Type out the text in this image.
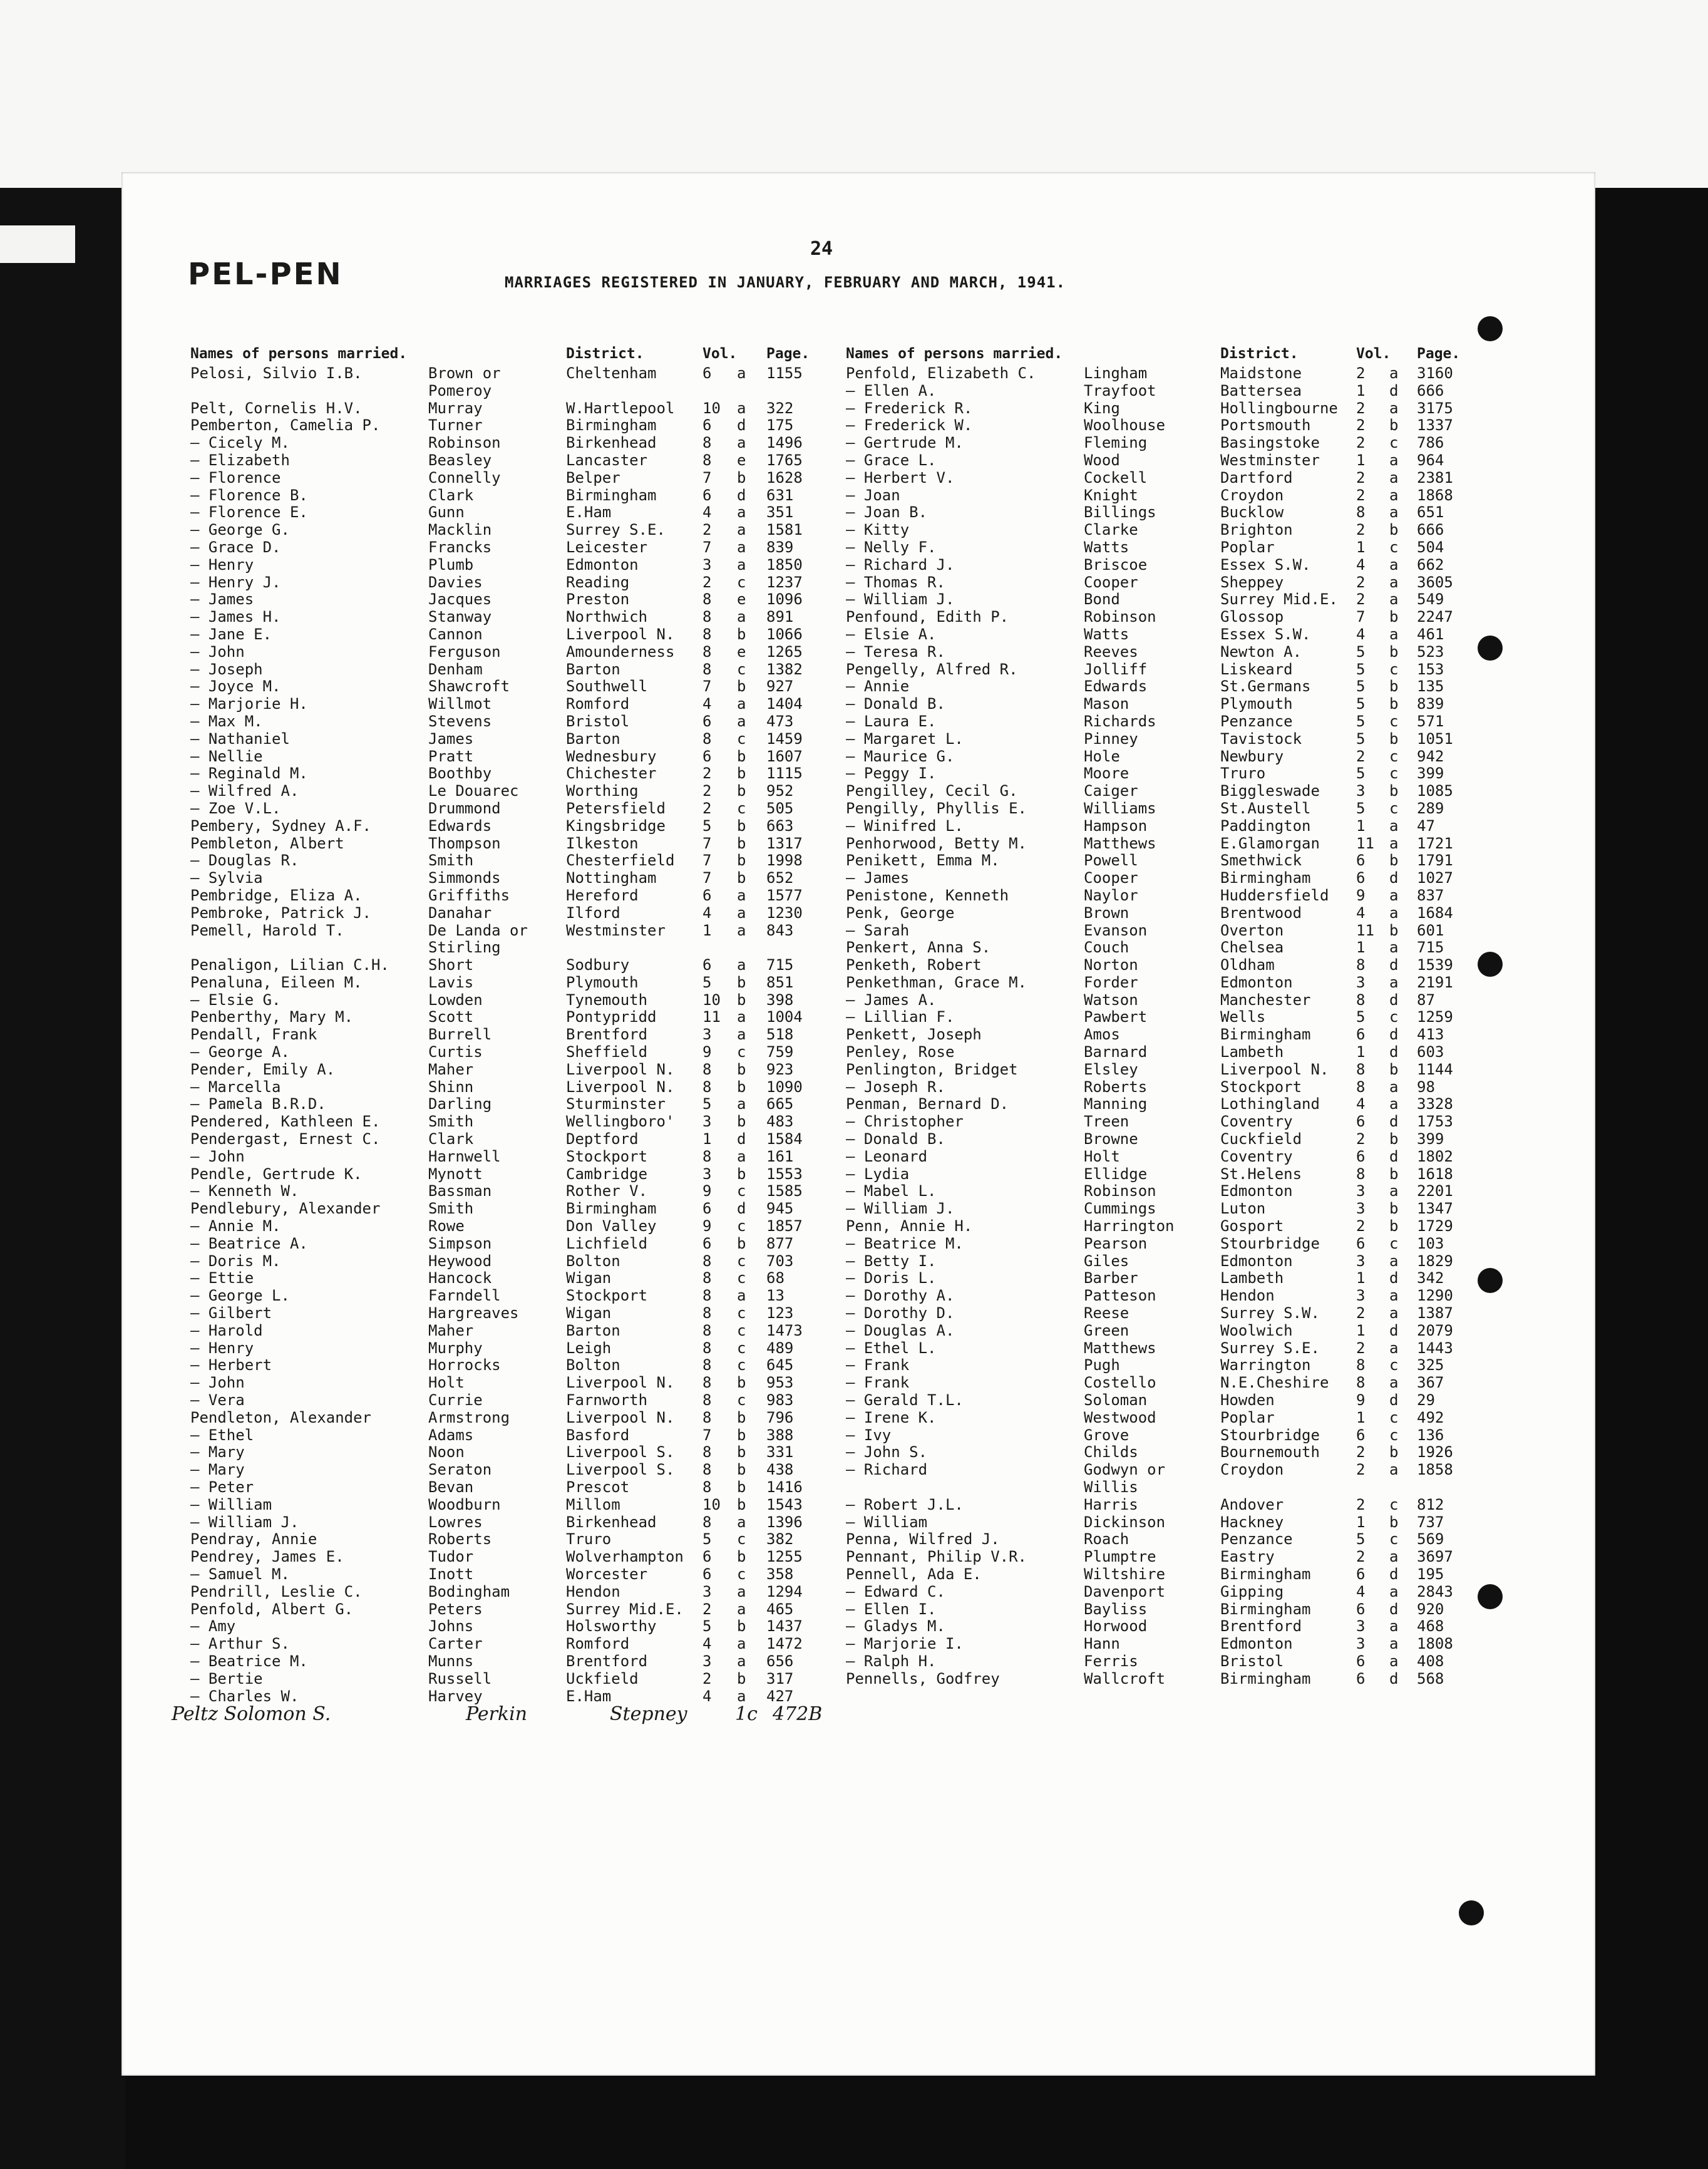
24
PEL-PEN	MARRIAGES REGISTERED IN JANUARY, FEBRUARY AND MARCH, 1941.
Names of persons married.	District.	Vol. Page.
Pelosi, Silvio I.B.	Brown or	Cheltenham	6 a 1155
Pomeroy
Pelt, Cornelis H.V.	Murray	W.Hartlepool 10 a 322
Pemberton, Camelia P.	Turner	Birmingham	6 d 175
— Cicely M.	Robinson	Birkenhead	8 a 1496
— Elizabeth	Beasley	Lancaster	8 e 1765
— Florence	Connelly	Belper	7 b 1628
— Florence B.	Clark	Birmingham	6 d 631
— Florence E.	Gunn	E.Ham	4 a 351
— George G.	Macklin	Surrey S.E. 2 a 1581
— Grace D.	Francks	Leicester	7 a 839
— Henry	Plumb	Edmonton	3 a 1850
— Henry J.	Davies	Reading	2 c 1237
— James	Jacques	Preston	8 e 1096
— James H.	Stanway	Northwich	8 a 891
— Jane E.	Cannon	Liverpool N. 8 b 1066
— John	Ferguson	Amounderness 8 e 1265
— Joseph	Denham	Barton	8 c 1382
— Joyce M.	Shawcroft	Southwell	7 b 927
— Marjorie H.	Willmot	Romford	4 a 1404
— Max M.	Stevens	Bristol	6 a 473
— Nathaniel	James	Barton	8 c 1459
— Nellie	Pratt	Wednesbury	6 b 1607
— Reginald M.	Boothby	Chichester	2 b 1115
— Wilfred A.	Le Douarec	Worthing	2 b 952
— Zoe V.L.	Drummond	Petersfield 2 c 505
Pembery, Sydney A.F.	Edwards	Kingsbridge 5 b 663
Pembleton, Albert	Thompson	Ilkeston	7 b 1317
— Douglas R.	Smith	Chesterfield 7 b 1998
— Sylvia	Simmonds	Nottingham	7 b 652
Pembridge, Eliza A.	Griffiths	Hereford	6 a 1577
Pembroke, Patrick J.	Danahar	Ilford	4 a 1230
Pemell, Harold T.	De Landa or	Westminster 1 a 843
Stirling
Penaligon, Lilian C.H.	Short	Sodbury	6 a 715
Penaluna, Eileen M.	Lavis	Plymouth	5 b 851
— Elsie G.	Lowden	Tynemouth	10 b 398
Penberthy, Mary M.	Scott	Pontypridd	11 a 1004
Pendall, Frank	Burrell	Brentford	3 a 518
— George A.	Curtis	Sheffield	9 c 759
Pender, Emily A.	Maher	Liverpool N. 8 b 923
— Marcella	Shinn	Liverpool N. 8 b 1090
— Pamela B.R.D.	Darling	Sturminster 5 a 665
Pendered, Kathleen E.	Smith	Wellingboro' 3 b 483
Pendergast, Ernest C.	Clark	Deptford	1 d 1584
— John	Harnwell	Stockport	8 a 161
Pendle, Gertrude K.	Mynott	Cambridge	3 b 1553
— Kenneth W.	Bassman	Rother V.	9 c 1585
Pendlebury, Alexander	Smith	Birmingham	6 d 945
— Annie M.	Rowe	Don Valley	9 c 1857
— Beatrice A.	Simpson	Lichfield	6 b 877
— Doris M.	Heywood	Bolton	8 c 703
— Ettie	Hancock	Wigan	8 c 68
— George L.	Farndell	Stockport	8 a 13
— Gilbert	Hargreaves	Wigan	8 c 123
— Harold	Maher	Barton	8 c 1473
— Henry	Murphy	Leigh	8 c 489
— Herbert	Horrocks	Bolton	8 c 645
— John	Holt	Liverpool N. 8 b 953
— Vera	Currie	Farnworth	8 c 983
Pendleton, Alexander	Armstrong	Liverpool N. 8 b 796
— Ethel	Adams	Basford	7 b 388
— Mary	Noon	Liverpool S. 8 b 331
— Mary	Seraton	Liverpool S. 8 b 438
— Peter	Bevan	Prescot	8 b 1416
— William	Woodburn	Millom	10 b 1543
— William J.	Lowres	Birkenhead	8 a 1396
Pendray, Annie	Roberts	Truro	5 c 382
Pendrey, James E.	Tudor	Wolverhampton 6 b 1255
— Samuel M.	Inott	Worcester	6 c 358
Pendrill, Leslie C.	Bodingham	Hendon	3 a 1294
Penfold, Albert G.	Peters	Surrey Mid.E. 2 a 465
— Amy	Johns	Holsworthy	5 b 1437
— Arthur S.	Carter	Romford	4 a 1472
— Beatrice M.	Munns	Brentford	3 a 656
— Bertie	Russell	Uckfield	2 b 317
— Charles W.	Harvey	E.Ham	4 a 427
Names of persons married.	District.	Vol. Page.
Penfold, Elizabeth C.	Lingham	Maidstone	2 a 3160
— Ellen A.	Trayfoot	Battersea	1 d 666
— Frederick R.	King	Hollingbourne 2 a 3175
— Frederick W.	Woolhouse	Portsmouth	2 b 1337
— Gertrude M.	Fleming	Basingstoke 2 c 786
— Grace L.	Wood	Westminster 1 a 964
— Herbert V.	Cockell	Dartford	2 a 2381
— Joan	Knight	Croydon	2 a 1868
— Joan B.	Billings	Bucklow	8 a 651
— Kitty	Clarke	Brighton	2 b 666
— Nelly F.	Watts	Poplar	1 c 504
— Richard J.	Briscoe	Essex S.W.	4 a 662
— Thomas R.	Cooper	Sheppey	2 a 3605
— William J.	Bond	Surrey Mid.E. 2 a 549
Penfound, Edith P.	Robinson	Glossop	7 b 2247
— Elsie A.	Watts	Essex S.W.	4 a 461
— Teresa R.	Reeves	Newton A.	5 b 523
Pengelly, Alfred R.	Jolliff	Liskeard	5 c 153
— Annie	Edwards	St.Germans	5 b 135
— Donald B.	Mason	Plymouth	5 b 839
— Laura E.	Richards	Penzance	5 c 571
— Margaret L.	Pinney	Tavistock	5 b 1051
— Maurice G.	Hole	Newbury	2 c 942
— Peggy I.	Moore	Truro	5 c 399
Pengilley, Cecil G.	Caiger	Biggleswade 3 b 1085
Pengilly, Phyllis E.	Williams	St.Austell	5 c 289
— Winifred L.	Hampson	Paddington	1 a 47
Penhorwood, Betty M.	Matthews	E.Glamorgan 11 a 1721
Penikett, Emma M.	Powell	Smethwick	6 b 1791
— James	Cooper	Birmingham	6 d 1027
Penistone, Kenneth	Naylor	Huddersfield 9 a 837
Penk, George	Brown	Brentwood	4 a 1684
— Sarah	Evanson	Overton	11 b 601
Penkert, Anna S.	Couch	Chelsea	1 a 715
Penketh, Robert	Norton	Oldham	8 d 1539
Penkethman, Grace M.	Forder	Edmonton	3 a 2191
— James A.	Watson	Manchester	8 d 87
— Lillian F.	Pawbert	Wells	5 c 1259
Penkett, Joseph	Amos	Birmingham	6 d 413
Penley, Rose	Barnard	Lambeth	1 d 603
Penlington, Bridget	Elsley	Liverpool N. 8 b 1144
— Joseph R.	Roberts	Stockport	8 a 98
Penman, Bernard D.	Manning	Lothingland 4 a 3328
— Christopher	Treen	Coventry	6 d 1753
— Donald B.	Browne	Cuckfield	2 b 399
— Leonard	Holt	Coventry	6 d 1802
— Lydia	Ellidge	St.Helens	8 b 1618
— Mabel L.	Robinson	Edmonton	3 a 2201
— William J.	Cummings	Luton	3 b 1347
Penn, Annie H.	Harrington	Gosport	2 b 1729
— Beatrice M.	Pearson	Stourbridge 6 c 103
— Betty I.	Giles	Edmonton	3 a 1829
— Doris L.	Barber	Lambeth	1 d 342
— Dorothy A.	Patteson	Hendon	3 a 1290
— Dorothy D.	Reese	Surrey S.W. 2 a 1387
— Douglas A.	Green	Woolwich	1 d 2079
— Ethel L.	Matthews	Surrey S.E. 2 a 1443
— Frank	Pugh	Warrington	8 c 325
— Frank	Costello	N.E.Cheshire 8 a 367
— Gerald T.L.	Soloman	Howden	9 d 29
— Irene K.	Westwood	Poplar	1 c 492
— Ivy	Grove	Stourbridge 6 c 136
— John S.	Childs	Bournemouth 2 b 1926
— Richard	Godwyn or	Croydon	2 a 1858
Willis
— Robert J.L.	Harris	Andover	2 c 812
— William	Dickinson	Hackney	1 b 737
Penna, Wilfred J.	Roach	Penzance	5 c 569
Pennant, Philip V.R.	Plumptre	Eastry	2 a 3697
Pennell, Ada E.	Wiltshire	Birmingham	6 d 195
— Edward C.	Davenport	Gipping	4 a 2843
— Ellen I.	Bayliss	Birmingham	6 d 920
— Gladys M.	Horwood	Brentford	3 a 468
— Marjorie I.	Hann	Edmonton	3 a 1808
— Ralph H.	Ferris	Bristol	6 a 408
Pennells, Godfrey	Wallcroft	Birmingham	6 d 568
Peltz Solomon S.	Perkin	Stepney	1c 472B
